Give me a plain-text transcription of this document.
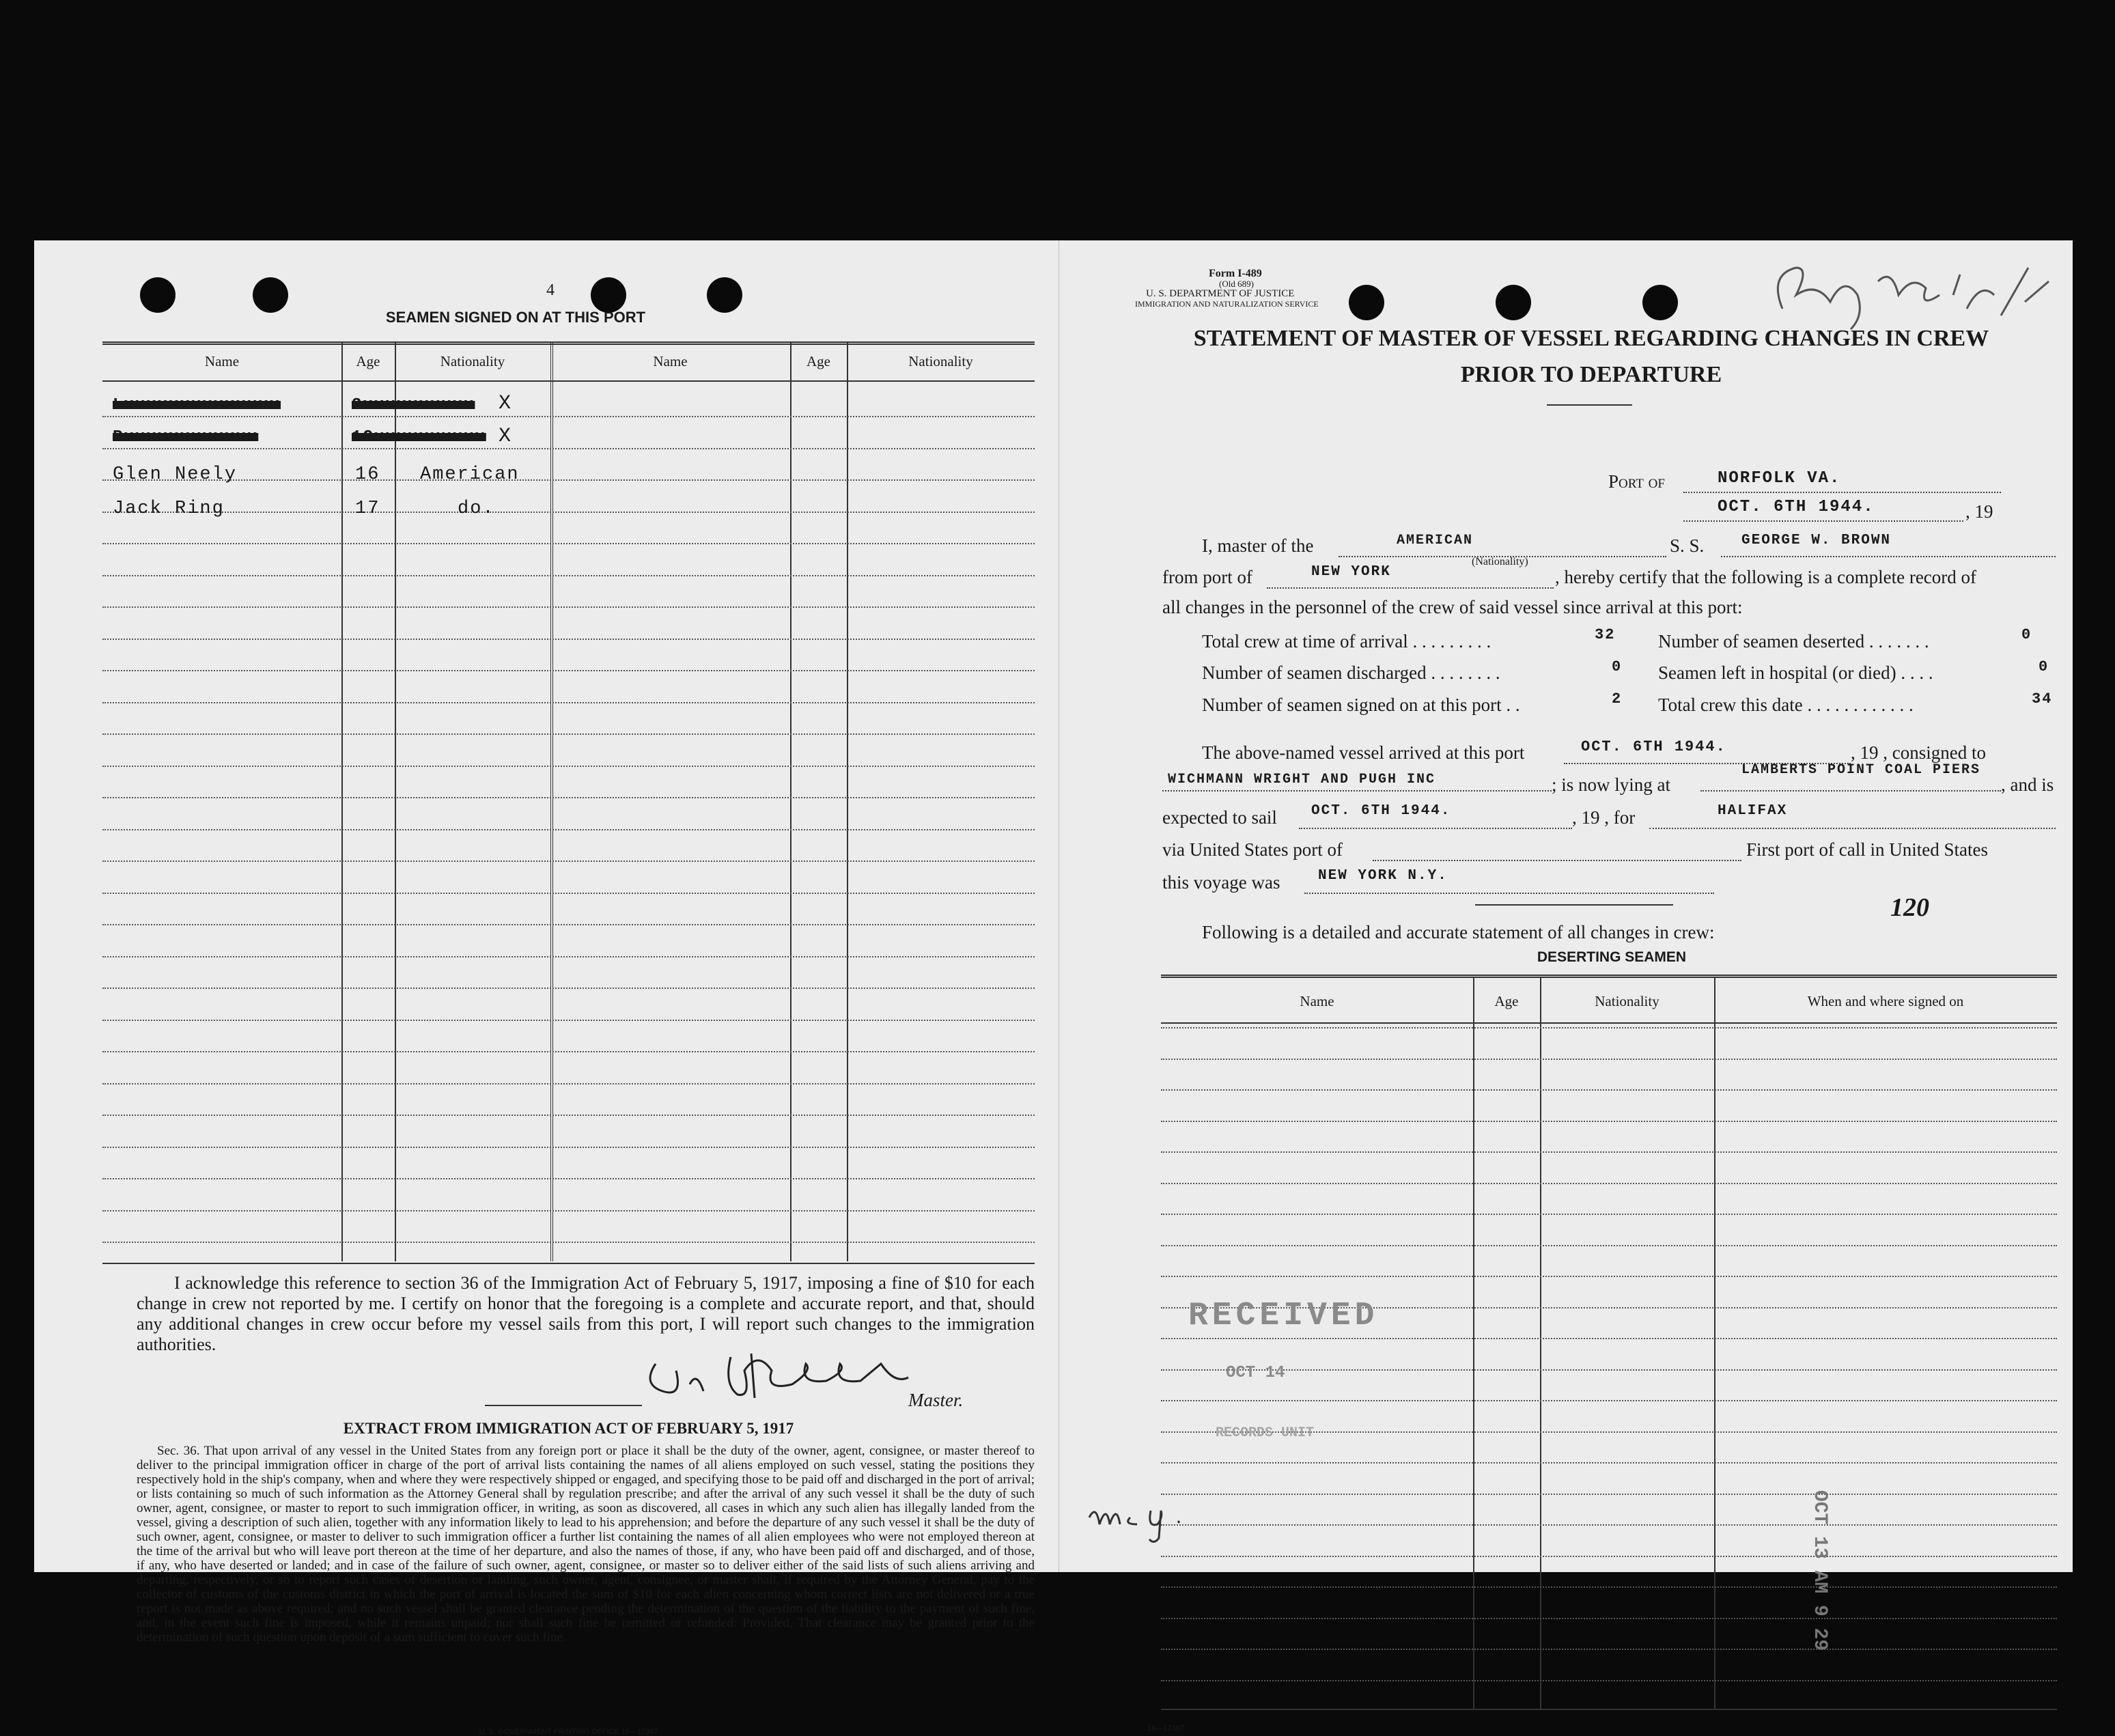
4
SEAMEN SIGNED ON AT THIS PORT
Name	Age	Nationality	Name	Age	Nationality
Lxxxxxxxxxxxxxx	3xxxxxxxxxx X
Rxxxxxxxxxxxx	1Cxxxxxxxxxx X
Glen Neely	16 American
Jack Ring	17	do.
I acknowledge this reference to section 36 of the Immigration Act of February 5, 1917, imposing a fine of $10 for each change in crew not reported by me. I certify on honor that the foregoing is a complete and accurate report, and that, should any additional changes in crew occur before my vessel sails from this port, I will report such changes to the immigration authorities.
Master.
EXTRACT FROM IMMIGRATION ACT OF FEBRUARY 5, 1917
Sec. 36. That upon arrival of any vessel in the United States from any foreign port or place it shall be the duty of the owner, agent, consignee, or master thereof to deliver to the principal immigration officer in charge of the port of arrival lists containing the names of all aliens employed on such vessel, stating the positions they respectively hold in the ship's company, when and where they were respectively shipped or engaged, and specifying those to be paid off and discharged in the port of arrival; or lists containing so much of such information as the Attorney General shall by regulation prescribe; and after the arrival of any such vessel it shall be the duty of such owner, agent, consignee, or master to report to such immigration officer, in writing, as soon as discovered, all cases in which any such alien has illegally landed from the vessel, giving a description of such alien, together with any information likely to lead to his apprehension; and before the departure of any such vessel it shall be the duty of such owner, agent, consignee, or master to deliver to such immigration officer a further list containing the names of all alien employees who were not employed thereon at the time of the arrival but who will leave port thereon at the time of her departure, and also the names of those, if any, who have been paid off and discharged, and of those, if any, who have deserted or landed; and in case of the failure of such owner, agent, consignee, or master so to deliver either of the said lists of such aliens arriving and departing, respectively, or so to report such cases of desertion or landing, such owner, agent, consignee, or master shall, if required by the Attorney General, pay to the collector of customs of the customs district in which the port of arrival is located the sum of $10 for each alien concerning whom correct lists are not delivered or a true report is not made as above required; and no such vessel shall be granted clearance pending the determination of the question of the liability to the payment of such fine, and, in the event such fine is imposed, while it remains unpaid; nor shall such fine be remitted or refunded: Provided, That clearance may be granted prior to the determination of such question upon deposit of a sum sufficient to cover such fine.
U. S. GOVERNMENT PRINTING OFFICE 16—17387
Form I-489
(Old 689)
U. S. DEPARTMENT OF JUSTICE
IMMIGRATION AND NATURALIZATION SERVICE
STATEMENT OF MASTER OF VESSEL REGARDING CHANGES IN CREW
PRIOR TO DEPARTURE
Port of	NORFOLK VA.
OCT. 6TH 1944.	, 19
I, master of the	AMERICAN
(Nationality)
S. S.	GEORGE W. BROWN
from port of	NEW YORK	, hereby certify that the following is a complete record of
all changes in the personnel of the crew of said vessel since arrival at this port:
Total crew at time of arrival . . . . . . . . .	32 Number of seamen deserted . . . . . . .	0
Number of seamen discharged . . . . . . . .	0 Seamen left in hospital (or died) . . . .	0
Number of seamen signed on at this port . .	2 Total crew this date . . . . . . . . . . . .	34
The above-named vessel arrived at this port	OCT. 6TH 1944.	, 19 , consigned to
WICHMANN WRIGHT AND PUGH INC	; is now lying at
LAMBERTS POINT COAL PIERS
, and is
expected to sail OCT. 6TH 1944.	, 19 , for	HALIFAX
via United States port of	First port of call in United States
this voyage was	NEW YORK N.Y.
120
Following is a detailed and accurate statement of all changes in crew:
DESERTING SEAMEN
Name	Age	Nationality	When and where signed on
16—17387
RECEIVED
OCT 14
RECORDS UNIT
OCT 13 AM 9 29
